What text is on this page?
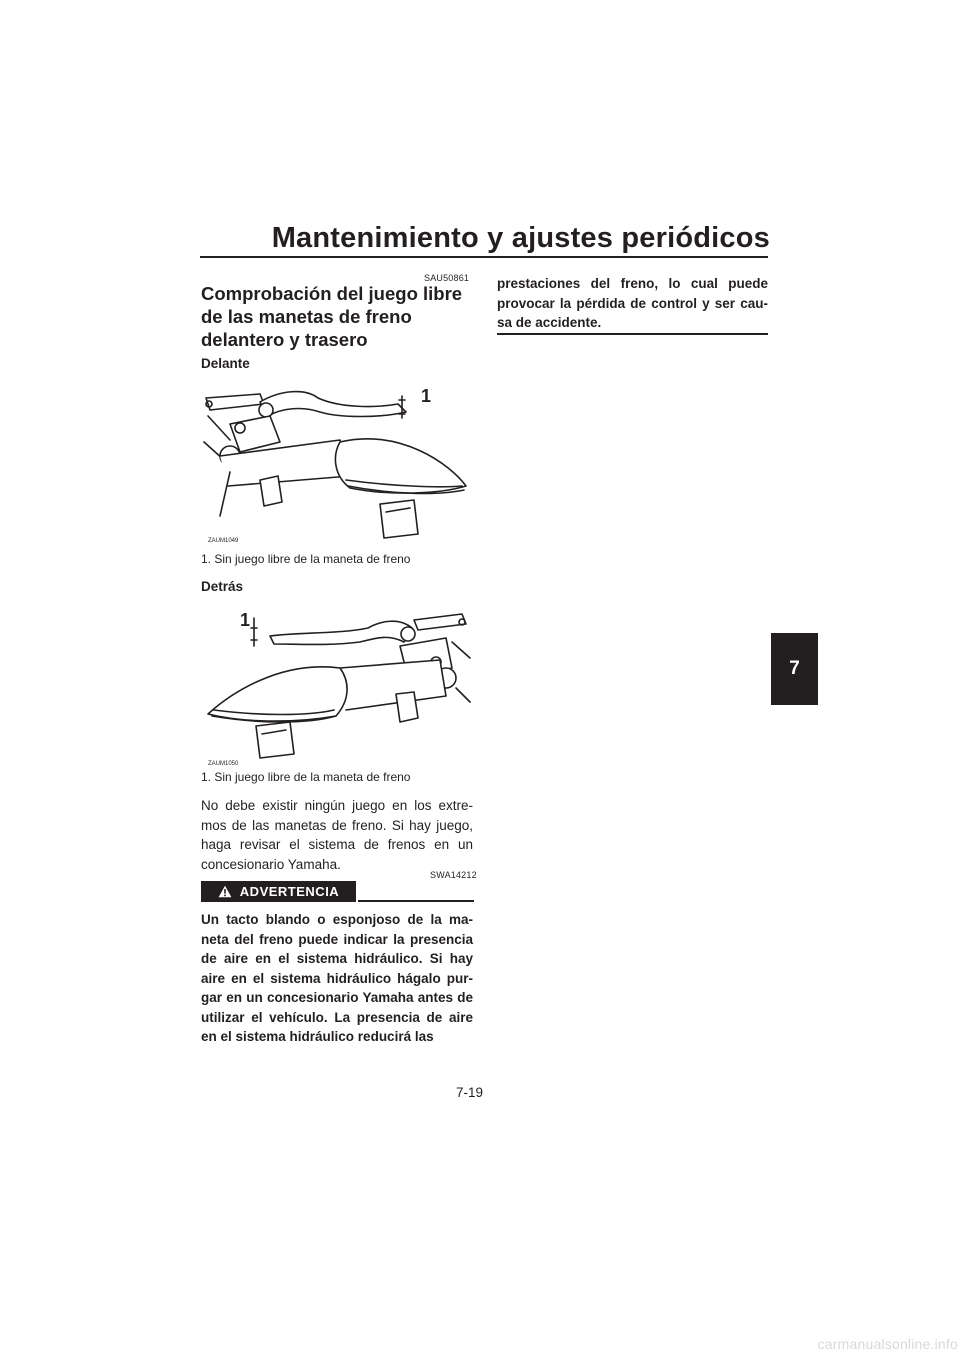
Mantenimiento y ajustes periódicos
SAU50861
Comprobación del juego libre de las manetas de freno delantero y trasero
Delante
1
ZAUM1049
1. Sin juego libre de la maneta de freno
Detrás
1
ZAUM1050
1. Sin juego libre de la maneta de freno
No debe existir ningún juego en los extre-mos de las manetas de freno. Si hay juego, haga revisar el sistema de frenos en un concesionario Yamaha.
SWA14212
ADVERTENCIA
Un tacto blando o esponjoso de la ma-neta del freno puede indicar la presencia de aire en el sistema hidráulico. Si hay aire en el sistema hidráulico hágalo pur-gar en un concesionario Yamaha antes de utilizar el vehículo. La presencia de aire en el sistema hidráulico reducirá las
prestaciones del freno, lo cual puede provocar la pérdida de control y ser cau-sa de accidente.
7
7-19
carmanualsonline.info
